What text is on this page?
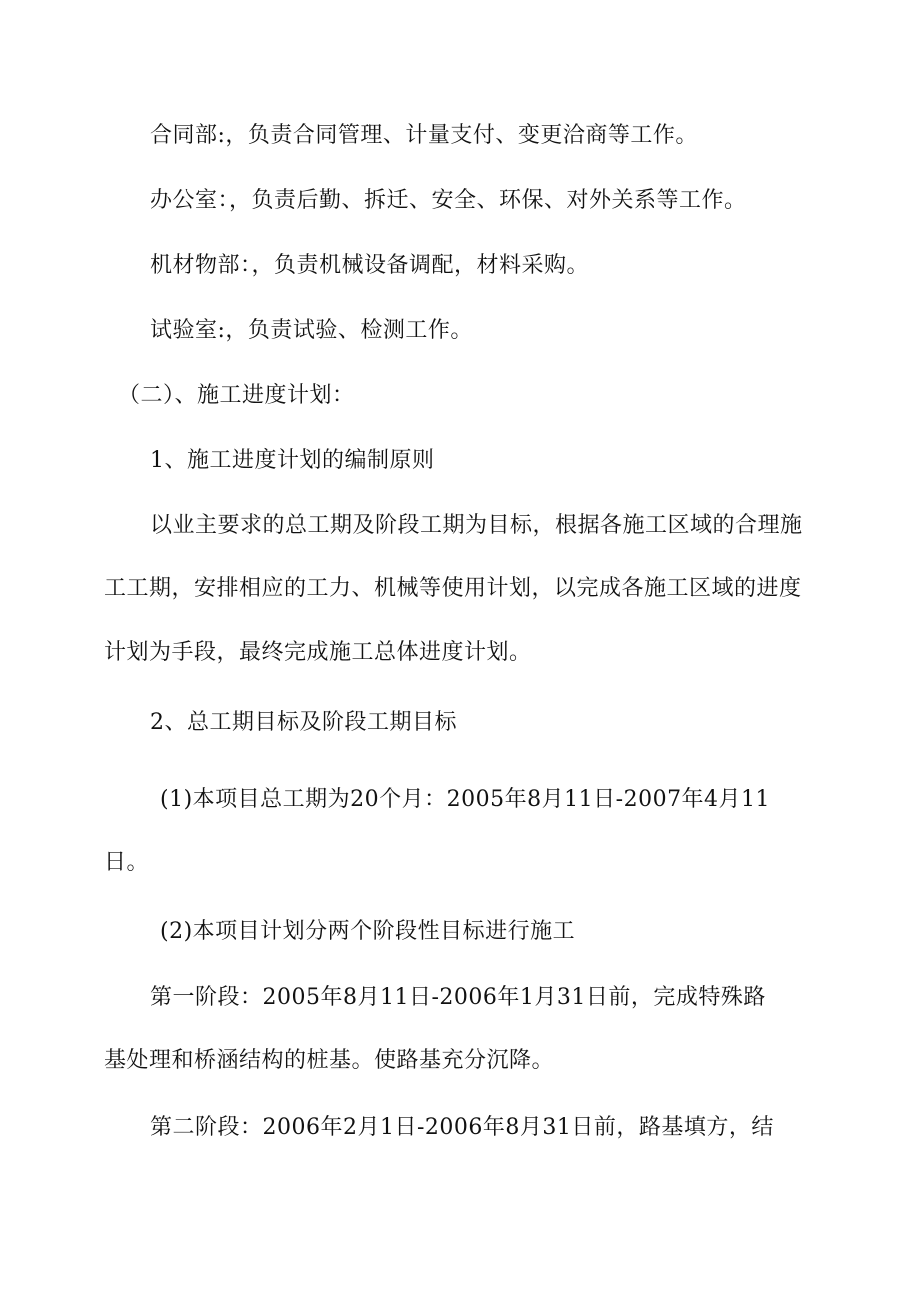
合同部:，负责合同管理、计量支付、变更洽商等工作。
办公室：，负责后勤、拆迁、安全、环保、对外关系等工作。
机材物部：，负责机械设备调配，材料采购。
试验室:，负责试验、检测工作。
（二）、施工进度计划：
1、施工进度计划的编制原则
以业主要求的总工期及阶段工期为目标，根据各施工区域的合理施
工工期，安排相应的工力、机械等使用计划，以完成各施工区域的进度
计划为手段，最终完成施工总体进度计划。
2、总工期目标及阶段工期目标
(1)本项目总工期为20个月：2005年8月11日-2007年4月11
日。
(2)本项目计划分两个阶段性目标进行施工
第一阶段：2005年8月11日-2006年1月31日前，完成特殊路
基处理和桥涵结构的桩基。使路基充分沉降。
第二阶段：2006年2月1日-2006年8月31日前，路基填方，结
